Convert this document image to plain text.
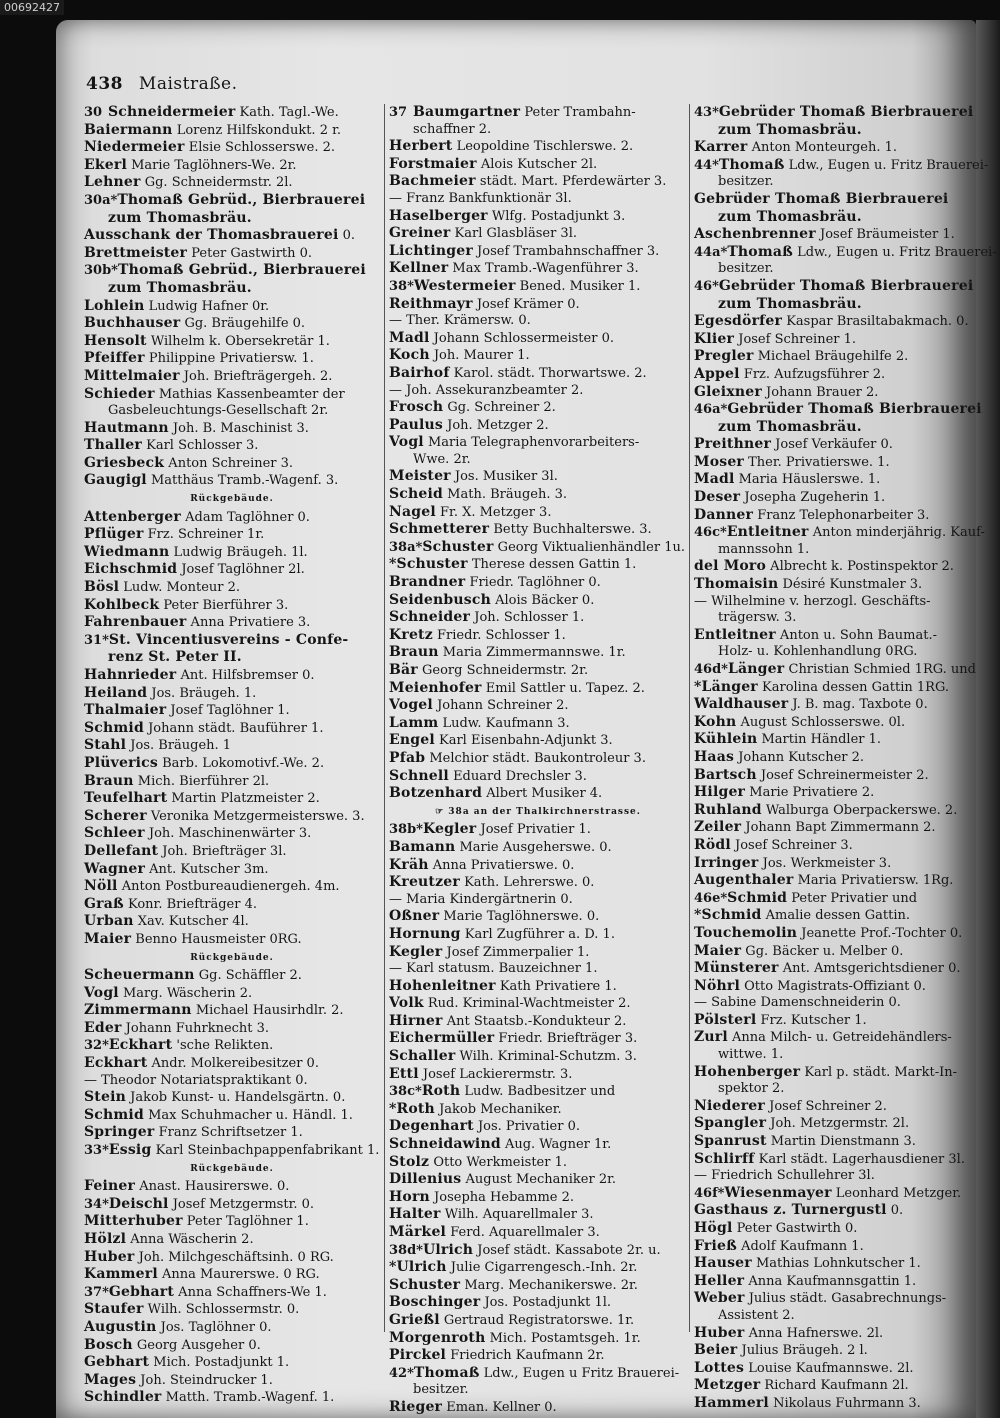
00692427
438 Maistraße.
30 Schneidermeier Kath. Tagl.-We.
Baiermann Lorenz Hilfskondukt. 2 r.
Niedermeier Elsie Schlosserswe. 2.
Ekerl Marie Taglöhners-We. 2r.
Lehner Gg. Schneidermstr. 2l.
30a*Thomaß Gebrüd., Bierbrauerei
zum Thomasbräu.
Ausschank der Thomasbrauerei 0.
Brettmeister Peter Gastwirth 0.
30b*Thomaß Gebrüd., Bierbrauerei
zum Thomasbräu.
Lohlein Ludwig Hafner 0r.
Buchhauser Gg. Bräugehilfe 0.
Hensolt Wilhelm k. Obersekretär 1.
Pfeiffer Philippine Privatiersw. 1.
Mittelmaier Joh. Briefträgergeh. 2.
Schieder Mathias Kassenbeamter der
Gasbeleuchtungs-Gesellschaft 2r.
Hautmann Joh. B. Maschinist 3.
Thaller Karl Schlosser 3.
Griesbeck Anton Schreiner 3.
Gaugigl Matthäus Tramb.-Wagenf. 3.
Rückgebäude.
Attenberger Adam Taglöhner 0.
Pflüger Frz. Schreiner 1r.
Wiedmann Ludwig Bräugeh. 1l.
Eichschmid Josef Taglöhner 2l.
Bösl Ludw. Monteur 2.
Kohlbeck Peter Bierführer 3.
Fahrenbauer Anna Privatiere 3.
31*St. Vincentiusvereins - Confe-
renz St. Peter II.
Hahnrieder Ant. Hilfsbremser 0.
Heiland Jos. Bräugeh. 1.
Thalmaier Josef Taglöhner 1.
Schmid Johann städt. Bauführer 1.
Stahl Jos. Bräugeh. 1
Plüverics Barb. Lokomotivf.-We. 2.
Braun Mich. Bierführer 2l.
Teufelhart Martin Platzmeister 2.
Scherer Veronika Metzgermeisterswe. 3.
Schleer Joh. Maschinenwärter 3.
Dellefant Joh. Briefträger 3l.
Wagner Ant. Kutscher 3m.
Nöll Anton Postbureaudienergeh. 4m.
Graß Konr. Briefträger 4.
Urban Xav. Kutscher 4l.
Maier Benno Hausmeister 0RG.
Rückgebäude.
Scheuermann Gg. Schäffler 2.
Vogl Marg. Wäscherin 2.
Zimmermann Michael Hausirhdlr. 2.
Eder Johann Fuhrknecht 3.
32*Eckhart 'sche Relikten.
Eckhart Andr. Molkereibesitzer 0.
— Theodor Notariatspraktikant 0.
Stein Jakob Kunst- u. Handelsgärtn. 0.
Schmid Max Schuhmacher u. Händl. 1.
Springer Franz Schriftsetzer 1.
33*Essig Karl Steinbachpappenfabrikant 1.
Rückgebäude.
Feiner Anast. Hausirerswe. 0.
34*Deischl Josef Metzgermstr. 0.
Mitterhuber Peter Taglöhner 1.
Hölzl Anna Wäscherin 2.
Huber Joh. Milchgeschäftsinh. 0 RG.
Kammerl Anna Maurerswe. 0 RG.
37*Gebhart Anna Schaffners-We 1.
Staufer Wilh. Schlossermstr. 0.
Augustin Jos. Taglöhner 0.
Bosch Georg Ausgeher 0.
Gebhart Mich. Postadjunkt 1.
Mages Joh. Steindrucker 1.
Schindler Matth. Tramb.-Wagenf. 1.
37 Baumgartner Peter Trambahn-
schaffner 2.
Herbert Leopoldine Tischlerswe. 2.
Forstmaier Alois Kutscher 2l.
Bachmeier städt. Mart. Pferdewärter 3.
— Franz Bankfunktionär 3l.
Haselberger Wlfg. Postadjunkt 3.
Greiner Karl Glasbläser 3l.
Lichtinger Josef Trambahnschaffner 3.
Kellner Max Tramb.-Wagenführer 3.
38*Westermeier Bened. Musiker 1.
Reithmayr Josef Krämer 0.
— Ther. Krämersw. 0.
Madl Johann Schlossermeister 0.
Koch Joh. Maurer 1.
Bairhof Karol. städt. Thorwartswe. 2.
— Joh. Assekuranzbeamter 2.
Frosch Gg. Schreiner 2.
Paulus Joh. Metzger 2.
Vogl Maria Telegraphenvorarbeiters-
Wwe. 2r.
Meister Jos. Musiker 3l.
Scheid Math. Bräugeh. 3.
Nagel Fr. X. Metzger 3.
Schmetterer Betty Buchhalterswe. 3.
38a*Schuster Georg Viktualienhändler 1u.
*Schuster Therese dessen Gattin 1.
Brandner Friedr. Taglöhner 0.
Seidenbusch Alois Bäcker 0.
Schneider Joh. Schlosser 1.
Kretz Friedr. Schlosser 1.
Braun Maria Zimmermannswe. 1r.
Bär Georg Schneidermstr. 2r.
Meienhofer Emil Sattler u. Tapez. 2.
Vogel Johann Schreiner 2.
Lamm Ludw. Kaufmann 3.
Engel Karl Eisenbahn-Adjunkt 3.
Pfab Melchior städt. Baukontroleur 3.
Schnell Eduard Drechsler 3.
Botzenhard Albert Musiker 4.
☞ 38a an der Thalkirchnerstrasse.
38b*Kegler Josef Privatier 1.
Bamann Marie Ausgeherswe. 0.
Kräh Anna Privatierswe. 0.
Kreutzer Kath. Lehrerswe. 0.
— Maria Kindergärtnerin 0.
Oßner Marie Taglöhnerswe. 0.
Hornung Karl Zugführer a. D. 1.
Kegler Josef Zimmerpalier 1.
— Karl statusm. Bauzeichner 1.
Hohenleitner Kath Privatiere 1.
Volk Rud. Kriminal-Wachtmeister 2.
Hirner Ant Staatsb.-Kondukteur 2.
Eichermüller Friedr. Briefträger 3.
Schaller Wilh. Kriminal-Schutzm. 3.
Ettl Josef Lackierermstr. 3.
38c*Roth Ludw. Badbesitzer und
*Roth Jakob Mechaniker.
Degenhart Jos. Privatier 0.
Schneidawind Aug. Wagner 1r.
Stolz Otto Werkmeister 1.
Dillenius August Mechaniker 2r.
Horn Josepha Hebamme 2.
Halter Wilh. Aquarellmaler 3.
Märkel Ferd. Aquarellmaler 3.
38d*Ulrich Josef städt. Kassabote 2r. u.
*Ulrich Julie Cigarrengesch.-Inh. 2r.
Schuster Marg. Mechanikerswe. 2r.
Boschinger Jos. Postadjunkt 1l.
Grießl Gertraud Registratorswe. 1r.
Morgenroth Mich. Postamtsgeh. 1r.
Pirckel Friedrich Kaufmann 2r.
42*Thomaß Ldw., Eugen u Fritz Brauerei-
besitzer.
Rieger Eman. Kellner 0.
43*Gebrüder Thomaß Bierbrauerei
zum Thomasbräu.
Karrer Anton Monteurgeh. 1.
44*Thomaß Ldw., Eugen u. Fritz Brauerei-
besitzer.
Gebrüder Thomaß Bierbrauerei
zum Thomasbräu.
Aschenbrenner Josef Bräumeister 1.
44a*Thomaß Ldw., Eugen u. Fritz Brauerei-
besitzer.
46*Gebrüder Thomaß Bierbrauerei
zum Thomasbräu.
Egesdörfer Kaspar Brasiltabakmach. 0.
Klier Josef Schreiner 1.
Pregler Michael Bräugehilfe 2.
Appel Frz. Aufzugsführer 2.
Gleixner Johann Brauer 2.
46a*Gebrüder Thomaß Bierbrauerei
zum Thomasbräu.
Preithner Josef Verkäufer 0.
Moser Ther. Privatierswe. 1.
Madl Maria Häuslerswe. 1.
Deser Josepha Zugeherin 1.
Danner Franz Telephonarbeiter 3.
46c*Entleitner Anton minderjährig. Kauf-
mannssohn 1.
del Moro Albrecht k. Postinspektor 2.
Thomaisin Désiré Kunstmaler 3.
— Wilhelmine v. herzogl. Geschäfts-
trägersw. 3.
Entleitner Anton u. Sohn Baumat.-
Holz- u. Kohlenhandlung 0RG.
46d*Länger Christian Schmied 1RG. und
*Länger Karolina dessen Gattin 1RG.
Waldhauser J. B. mag. Taxbote 0.
Kohn August Schlosserswe. 0l.
Kühlein Martin Händler 1.
Haas Johann Kutscher 2.
Bartsch Josef Schreinermeister 2.
Hilger Marie Privatiere 2.
Ruhland Walburga Oberpackerswe. 2.
Zeiler Johann Bapt Zimmermann 2.
Rödl Josef Schreiner 3.
Irringer Jos. Werkmeister 3.
Augenthaler Maria Privatiersw. 1Rg.
46e*Schmid Peter Privatier und
*Schmid Amalie dessen Gattin.
Touchemolin Jeanette Prof.-Tochter 0.
Maier Gg. Bäcker u. Melber 0.
Münsterer Ant. Amtsgerichtsdiener 0.
Nöhrl Otto Magistrats-Offiziant 0.
— Sabine Damenschneiderin 0.
Pölsterl Frz. Kutscher 1.
Zurl Anna Milch- u. Getreidehändlers-
wittwe. 1.
Hohenberger Karl p. städt. Markt-In-
spektor 2.
Niederer Josef Schreiner 2.
Spangler Joh. Metzgermstr. 2l.
Spanrust Martin Dienstmann 3.
Schlirff Karl städt. Lagerhausdiener 3l.
— Friedrich Schullehrer 3l.
46f*Wiesenmayer Leonhard Metzger.
Gasthaus z. Turnergustl 0.
Högl Peter Gastwirth 0.
Frieß Adolf Kaufmann 1.
Hauser Mathias Lohnkutscher 1.
Heller Anna Kaufmannsgattin 1.
Weber Julius städt. Gasabrechnungs-
Assistent 2.
Huber Anna Hafnerswe. 2l.
Beier Julius Bräugeh. 2 l.
Lottes Louise Kaufmannswe. 2l.
Metzger Richard Kaufmann 2l.
Hammerl Nikolaus Fuhrmann 3.
